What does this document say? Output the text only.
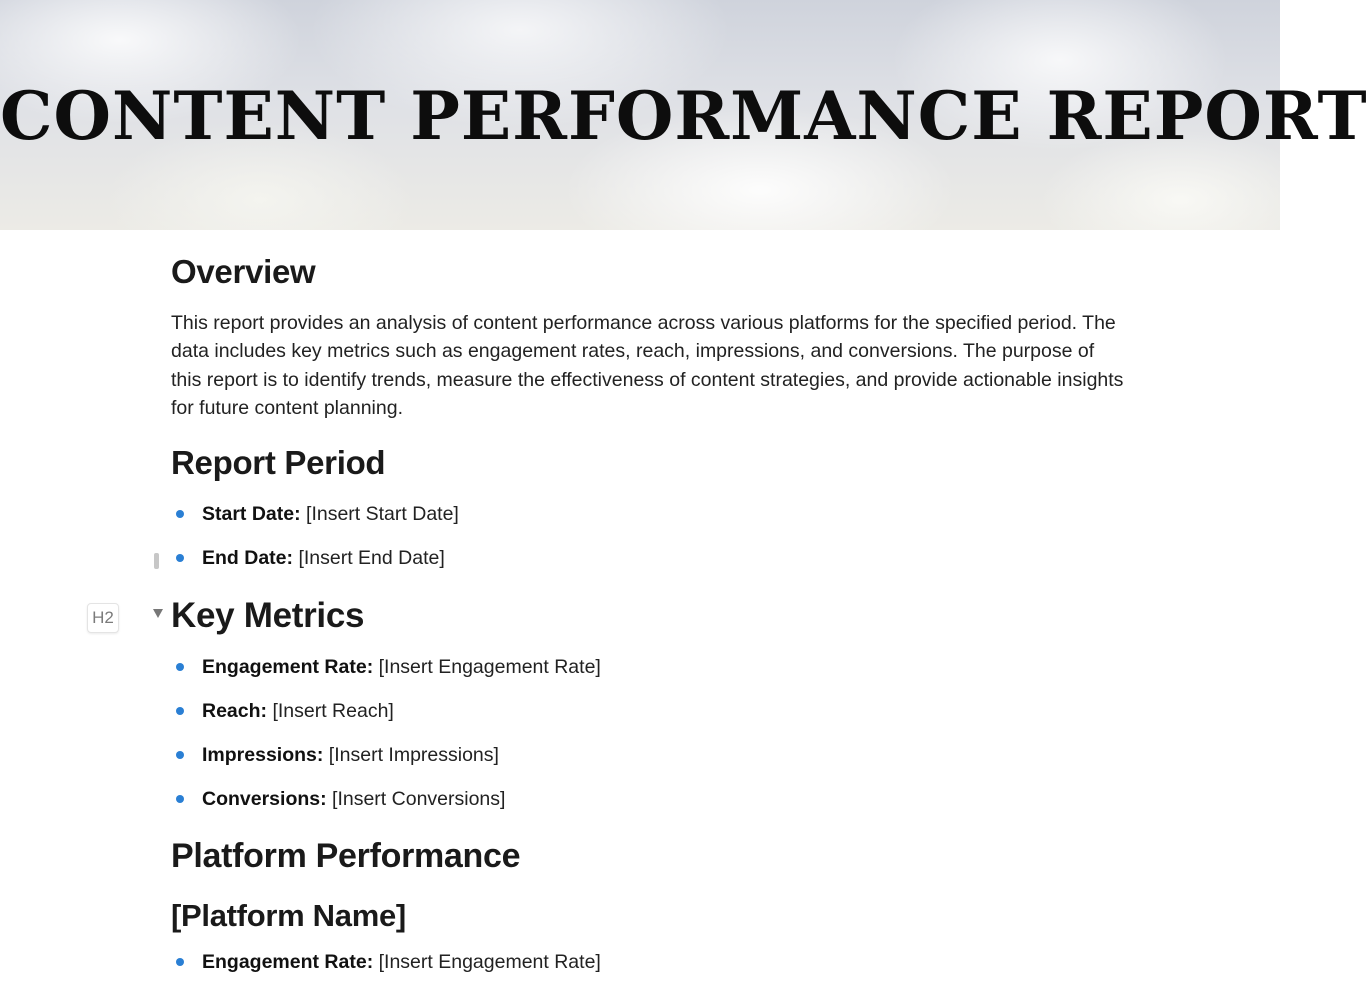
CONTENT PERFORMANCE REPORT
Overview

This report provides an analysis of content performance across various platforms for the specified period. The data includes key metrics such as engagement rates, reach, impressions, and conversions. The purpose of this report is to identify trends, measure the effectiveness of content strategies, and provide actionable insights for future content planning.

Report Period
Start Date: [Insert Start Date]
End Date: [Insert End Date]
Key Metrics
Engagement Rate: [Insert Engagement Rate]
Reach: [Insert Reach]
Impressions: [Insert Impressions]
Conversions: [Insert Conversions]
Platform Performance
[Platform Name]
Engagement Rate: [Insert Engagement Rate]
H2
